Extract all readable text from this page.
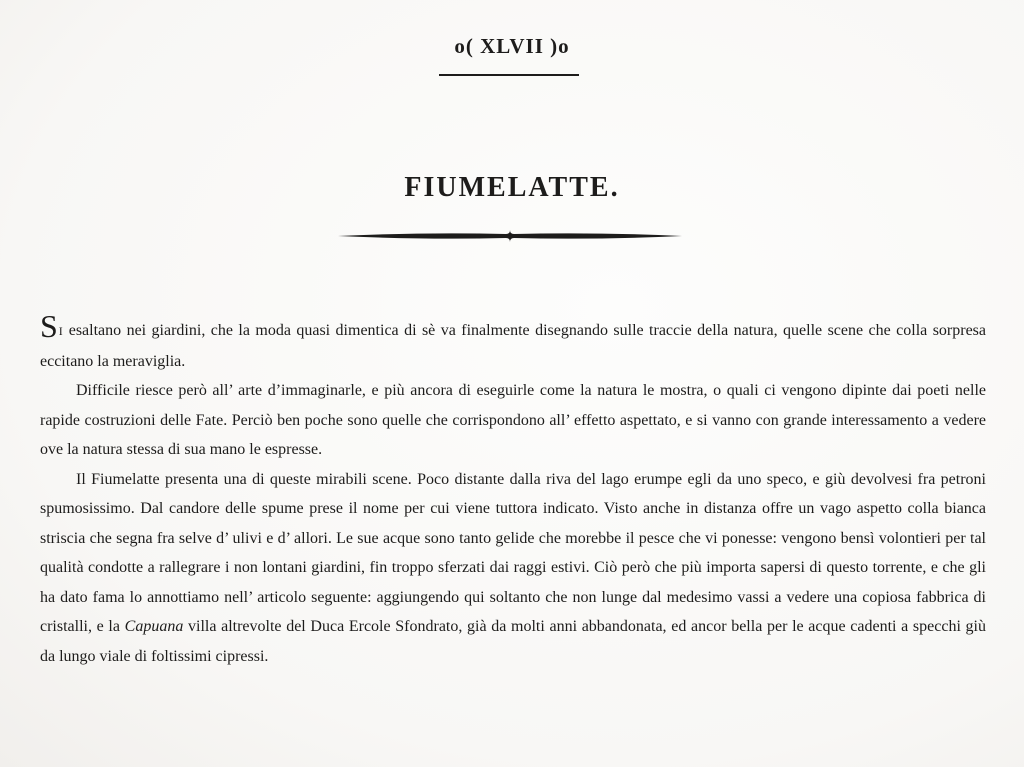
o( XLVII )o
FIUMELATTE.

SI esaltano nei giardini, che la moda quasi dimentica di sè va finalmente disegnando sulle traccie della natura, quelle scene che colla sorpresa eccitano la meraviglia.

Difficile riesce però all’ arte d’immaginarle, e più ancora di eseguirle come la natura le mostra, o quali ci vengono dipinte dai poeti nelle rapide costruzioni delle Fate. Perciò ben poche sono quelle che corrispondono all’ effetto aspettato, e si vanno con grande interessamento a vedere ove la natura stessa di sua mano le espresse.

Il Fiumelatte presenta una di queste mirabili scene. Poco distante dalla riva del lago erumpe egli da uno speco, e giù devolvesi fra petroni spumosissimo. Dal candore delle spume prese il nome per cui viene tuttora indicato. Visto anche in distanza offre un vago aspetto colla bianca striscia che segna fra selve d’ ulivi e d’ allori. Le sue acque sono tanto gelide che morebbe il pesce che vi ponesse: vengono bensì volontieri per tal qualità condotte a rallegrare i non lontani giardini, fin troppo sferzati dai raggi estivi. Ciò però che più importa sapersi di questo torrente, e che gli ha dato fama lo annottiamo nell’ articolo seguente: aggiungendo qui soltanto che non lunge dal medesimo vassi a vedere una copiosa fabbrica di cristalli, e la Capuana villa altrevolte del Duca Ercole Sfondrato, già da molti anni abbandonata, ed ancor bella per le acque cadenti a specchi giù da lungo viale di foltissimi cipressi.
